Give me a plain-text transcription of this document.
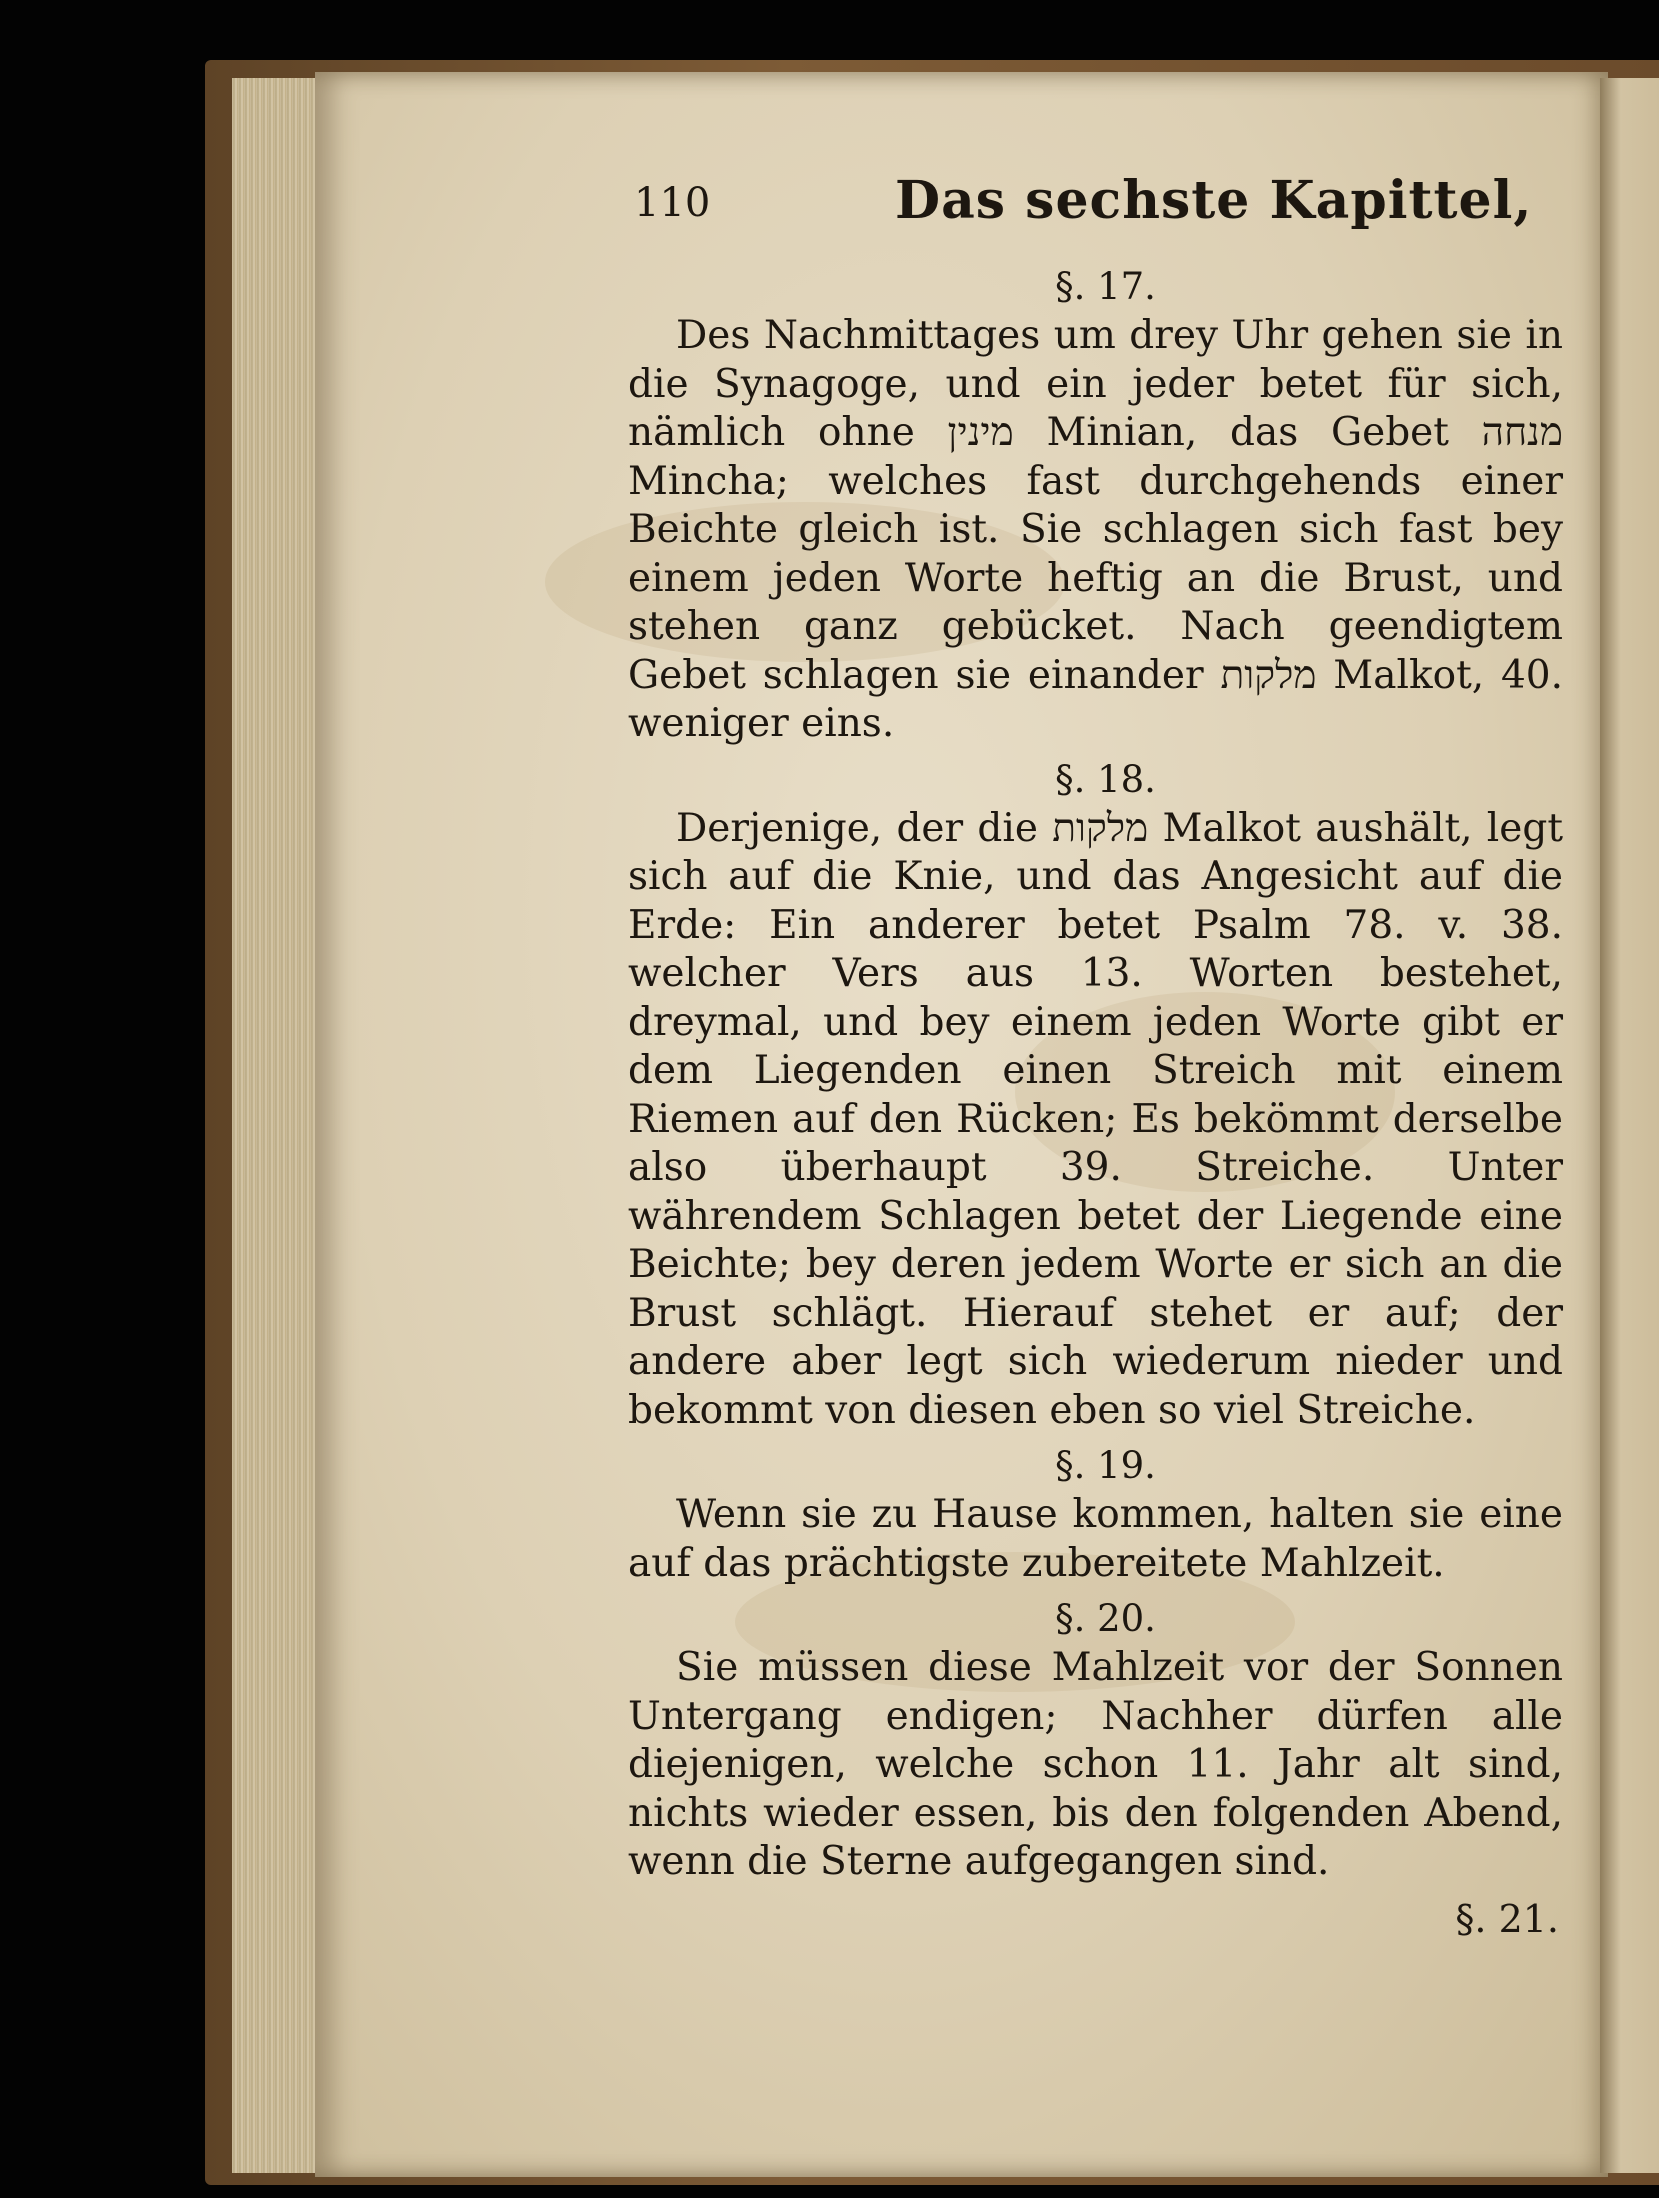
110	Das sechste Kapittel,
§. 17.

Des Nachmittages um drey Uhr gehen sie in die Synagoge, und ein jeder betet für sich, nämlich ohne מינין Minian, das Gebet מנחה Mincha; welches fast durchgehends einer Beichte gleich ist. Sie schlagen sich fast bey einem jeden Worte heftig an die Brust, und stehen ganz gebücket. Nach geendigtem Gebet schlagen sie einander מלקות Malkot, 40. weniger eins.

§. 18.

Derjenige, der die מלקות Malkot aushält, legt sich auf die Knie, und das Angesicht auf die Erde: Ein anderer betet Psalm 78. v. 38. welcher Vers aus 13. Worten bestehet, dreymal, und bey einem jeden Worte gibt er dem Liegenden einen Streich mit einem Riemen auf den Rücken; Es bekömmt derselbe also überhaupt 39. Streiche. Unter währendem Schlagen betet der Liegende eine Beichte; bey deren jedem Worte er sich an die Brust schlägt. Hierauf stehet er auf; der andere aber legt sich wiederum nieder und bekommt von diesen eben so viel Streiche.

§. 19.

Wenn sie zu Hause kommen, halten sie eine auf das prächtigste zubereitete Mahlzeit.

§. 20.

Sie müssen diese Mahlzeit vor der Sonnen Untergang endigen; Nachher dürfen alle diejenigen, welche schon 11. Jahr alt sind, nichts wieder essen, bis den folgenden Abend, wenn die Sterne aufgegangen sind.

§. 21.
